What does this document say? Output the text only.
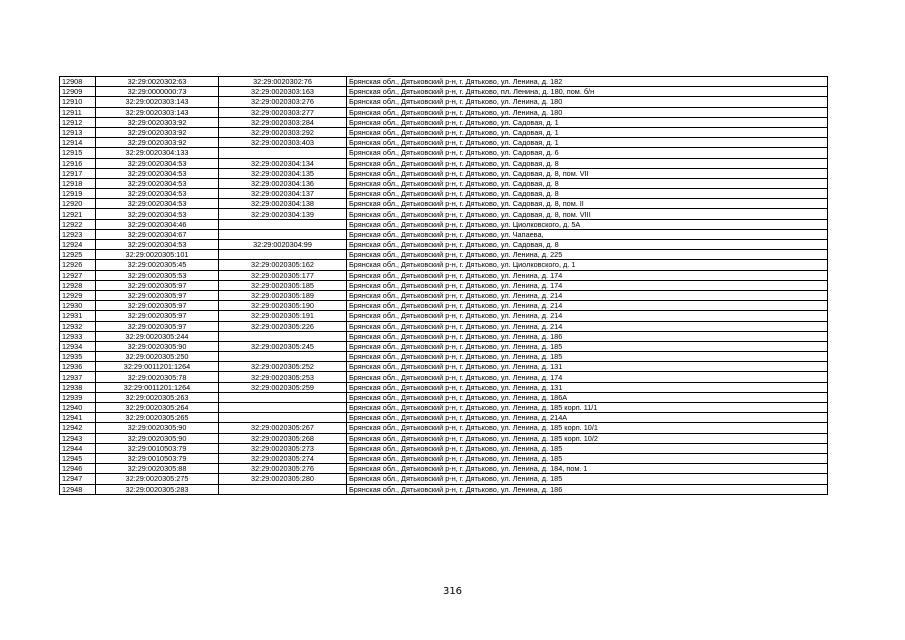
12908	32:29:0020302:63	32:29:0020302:76	Брянская обл., Дятьковский р-н, г. Дятьково, ул. Ленина, д. 182
12909	32:29:0000000:73	32:29:0020303:163	Брянская обл., Дятьковский р-н, г. Дятьково, пл. Ленина, д. 180, пом. б/н
12910	32:29:0020303:143	32:29:0020303:276	Брянская обл., Дятьковский р-н, г. Дятьково, ул. Ленина, д. 180
12911	32:29:0020303:143	32:29:0020303:277	Брянская обл., Дятьковский р-н, г. Дятьково, ул. Ленина, д. 180
12912	32:29:0020303:92	32:29:0020303:284	Брянская обл., Дятьковский р-н, г. Дятьково, ул. Садовая, д. 1
12913	32:29:0020303:92	32:29:0020303:292	Брянская обл., Дятьковский р-н, г. Дятьково, ул. Садовая, д. 1
12914	32:29:0020303:92	32:29:0020303:403	Брянская обл., Дятьковский р-н, г. Дятьково, ул. Садовая, д. 1
12915	32:29:0020304:133		Брянская обл., Дятьковский р-н, г. Дятьково, ул. Садовая, д. 6
12916	32:29:0020304:53	32:29:0020304:134	Брянская обл., Дятьковский р-н, г. Дятьково, ул. Садовая, д. 8
12917	32:29:0020304:53	32:29:0020304:135	Брянская обл., Дятьковский р-н, г. Дятьково, ул. Садовая, д. 8, пом. VII
12918	32:29:0020304:53	32:29:0020304:136	Брянская обл., Дятьковский р-н, г. Дятьково, ул. Садовая, д. 8
12919	32:29:0020304:53	32:29:0020304:137	Брянская обл., Дятьковский р-н, г. Дятьково, ул. Садовая, д. 8
12920	32:29:0020304:53	32:29:0020304:138	Брянская обл., Дятьковский р-н, г. Дятьково, ул. Садовая, д. 8, пом. II
12921	32:29:0020304:53	32:29:0020304:139	Брянская обл., Дятьковский р-н, г. Дятьково, ул. Садовая, д. 8, пом. VIII
12922	32:29:0020304:46		Брянская обл., Дятьковский р-н, г. Дятьково, ул. Циолковского, д. 5А
12923	32:29:0020304:67		Брянская обл., Дятьковский р-н, г. Дятьково, ул. Чапаева,
12924	32:29:0020304:53	32:29:0020304:99	Брянская обл., Дятьковский р-н, г. Дятьково, ул. Садовая, д. 8
12925	32:29:0020305:101		Брянская обл., Дятьковский р-н, г. Дятьково, ул. Ленина, д. 225
12926	32:29:0020305:45	32:29:0020305:162	Брянская обл., Дятьковский р-н, г. Дятьково, ул. Циолковского, д. 1
12927	32:29:0020305:53	32:29:0020305:177	Брянская обл., Дятьковский р-н, г. Дятьково, ул. Ленина, д. 174
12928	32:29:0020305:97	32:29:0020305:185	Брянская обл., Дятьковский р-н, г. Дятьково, ул. Ленина, д. 174
12929	32:29:0020305:97	32:29:0020305:189	Брянская обл., Дятьковский р-н, г. Дятьково, ул. Ленина, д. 214
12930	32:29:0020305:97	32:29:0020305:190	Брянская обл., Дятьковский р-н, г. Дятьково, ул. Ленина, д. 214
12931	32:29:0020305:97	32:29:0020305:191	Брянская обл., Дятьковский р-н, г. Дятьково, ул. Ленина, д. 214
12932	32:29:0020305:97	32:29:0020305:226	Брянская обл., Дятьковский р-н, г. Дятьково, ул. Ленина, д. 214
12933	32:29:0020305:244		Брянская обл., Дятьковский р-н, г. Дятьково, ул. Ленина, д. 186
12934	32:29:0020305:90	32:29:0020305:245	Брянская обл., Дятьковский р-н, г. Дятьково, ул. Ленина, д. 185
12935	32:29:0020305:250		Брянская обл., Дятьковский р-н, г. Дятьково, ул. Ленина, д. 185
12936	32:29:0011201:1264	32:29:0020305:252	Брянская обл., Дятьковский р-н, г. Дятьково, ул. Ленина, д. 131
12937	32:29:0020305:78	32:29:0020305:253	Брянская обл., Дятьковский р-н, г. Дятьково, ул. Ленина, д. 174
12938	32:29:0011201:1264	32:29:0020305:259	Брянская обл., Дятьковский р-н, г. Дятьково, ул. Ленина, д. 131
12939	32:29:0020305:263		Брянская обл., Дятьковский р-н, г. Дятьково, ул. Ленина, д. 186А
12940	32:29:0020305:264		Брянская обл., Дятьковский р-н, г. Дятьково, ул. Ленина, д. 185 корп. 11/1
12941	32:29:0020305:265		Брянская обл., Дятьковский р-н, г. Дятьково, ул. Ленина, д. 214А
12942	32:29:0020305:90	32:29:0020305:267	Брянская обл., Дятьковский р-н, г. Дятьково, ул. Ленина, д. 185 корп. 10/1
12943	32:29:0020305:90	32:29:0020305:268	Брянская обл., Дятьковский р-н, г. Дятьково, ул. Ленина, д. 185 корп. 10/2
12944	32:29:0010503:79	32:29:0020305:273	Брянская обл., Дятьковский р-н, г. Дятьково, ул. Ленина, д. 185
12945	32:29:0010503:79	32:29:0020305:274	Брянская обл., Дятьковский р-н, г. Дятьково, ул. Ленина, д. 185
12946	32:29:0020305:88	32:29:0020305:276	Брянская обл., Дятьковский р-н, г. Дятьково, ул. Ленина, д. 184, пом. 1
12947	32:29:0020305:275	32:29:0020305:280	Брянская обл., Дятьковский р-н, г. Дятьково, ул. Ленина, д. 185
12948	32:29:0020305:283		Брянская обл., Дятьковский р-н, г. Дятьково, ул. Ленина, д. 186
316
